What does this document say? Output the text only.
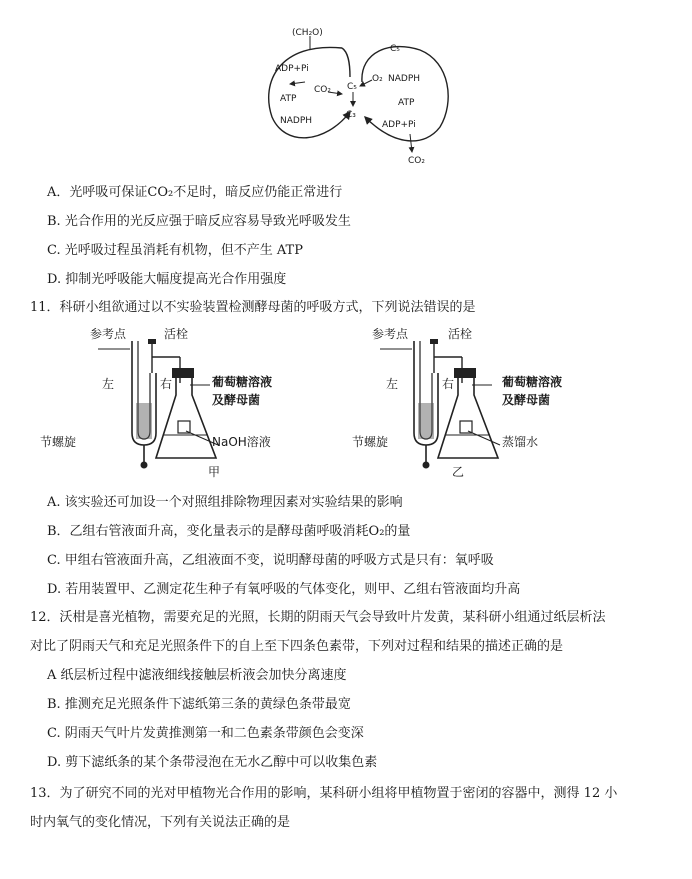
(CH₂O)
ADP+Pi
ATP
NADPH
CO₂ C₅
C₃
C₅
O₂ NADPH
ATP
ADP+Pi
CO₂
A．光呼吸可保证CO₂不足时，暗反应仍能正常进行
B. 光合作用的光反应强于暗反应容易导致光呼吸发生
C. 光呼吸过程虽消耗有机物，但不产生 ATP
D. 抑制光呼吸能大幅度提高光合作用强度
11．科研小组欲通过以不实验装置检测酵母菌的呼吸方式，下列说法错误的是
参考点	活栓
左	右	葡萄糖溶液
及酵母菌
节螺旋	NaOH溶液
甲
参考点	活栓
左	右	葡萄糖溶液
及酵母菌
节螺旋	蒸馏水
乙
A. 该实验还可加设一个对照组排除物理因素对实验结果的影响
B．乙组右管液面升高，变化量表示的是酵母菌呼吸消耗O₂的量
C. 甲组右管液面升高，乙组液面不变，说明酵母菌的呼吸方式是只有：氧呼吸
D. 若用装置甲、乙测定花生种子有氧呼吸的气体变化，则甲、乙组右管液面均升高
12．沃柑是喜光植物，需要充足的光照，长期的阴雨天气会导致叶片发黄，某科研小组通过纸层析法
对比了阴雨天气和充足光照条件下的自上至下四条色素带，下列对过程和结果的描述正确的是
A 纸层析过程中滤液细线接触层析液会加快分离速度
B. 推测充足光照条件下滤纸第三条的黄绿色条带最宽
C. 阴雨天气叶片发黄推测第一和二色素条带颜色会变深
D. 剪下滤纸条的某个条带浸泡在无水乙醇中可以收集色素
13．为了研究不同的光对甲植物光合作用的影响，某科研小组将甲植物置于密闭的容器中，测得 12 小
时内氧气的变化情况，下列有关说法正确的是
